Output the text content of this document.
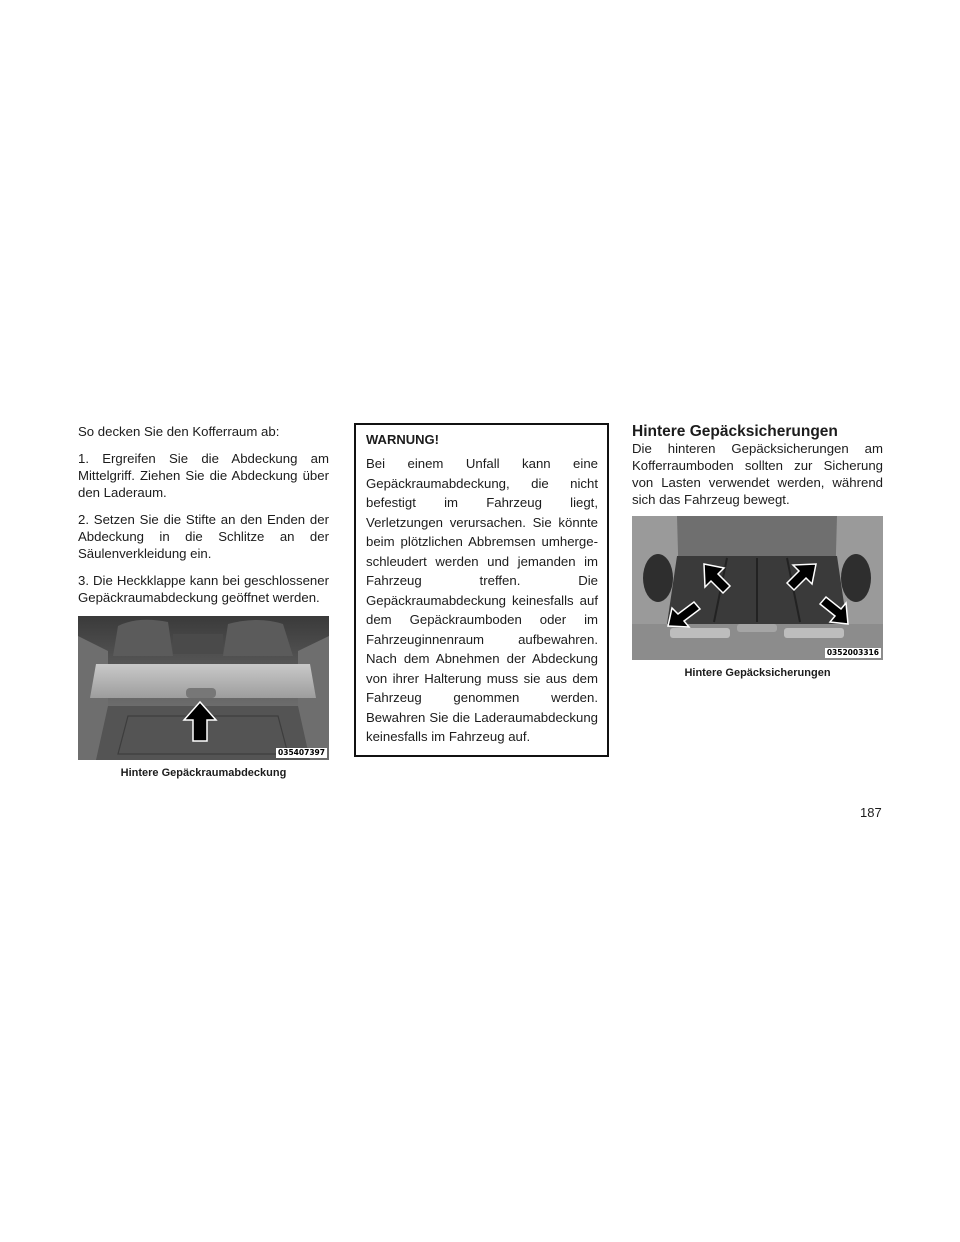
So decken Sie den Kofferraum ab:

1. Ergreifen Sie die Abdeckung am Mittelgriff. Ziehen Sie die Abdeckung über den Laderaum.

2. Setzen Sie die Stifte an den Enden der Abdeckung in die Schlitze an der Säulenverkleidung ein.

3. Die Heckklappe kann bei geschlossener Gepäckraumabdeckung geöffnet werden.

035407397
Hintere Gepäckraumabdeckung

WARNUNG!

Bei einem Unfall kann eine Gepäckraumabdeckung, die nicht befestigt im Fahrzeug liegt, Verletzungen verursachen. Sie könnte beim plötzlichen Abbremsen umhergeschleudert werden und jemanden im Fahrzeug treffen. Die Gepäckraumabdeckung keinesfalls auf dem Gepäckraumboden oder im Fahrzeuginnenraum aufbewahren. Nach dem Abnehmen der Abdeckung von ihrer Halterung muss sie aus dem Fahrzeug genommen werden. Bewahren Sie die Laderaumabdeckung keinesfalls im Fahrzeug auf.

Hintere Gepäcksicherungen

Die hinteren Gepäcksicherungen am Kofferraumboden sollten zur Sicherung von Lasten verwendet werden, während sich das Fahrzeug bewegt.

0352003316
Hintere Gepäcksicherungen
187
